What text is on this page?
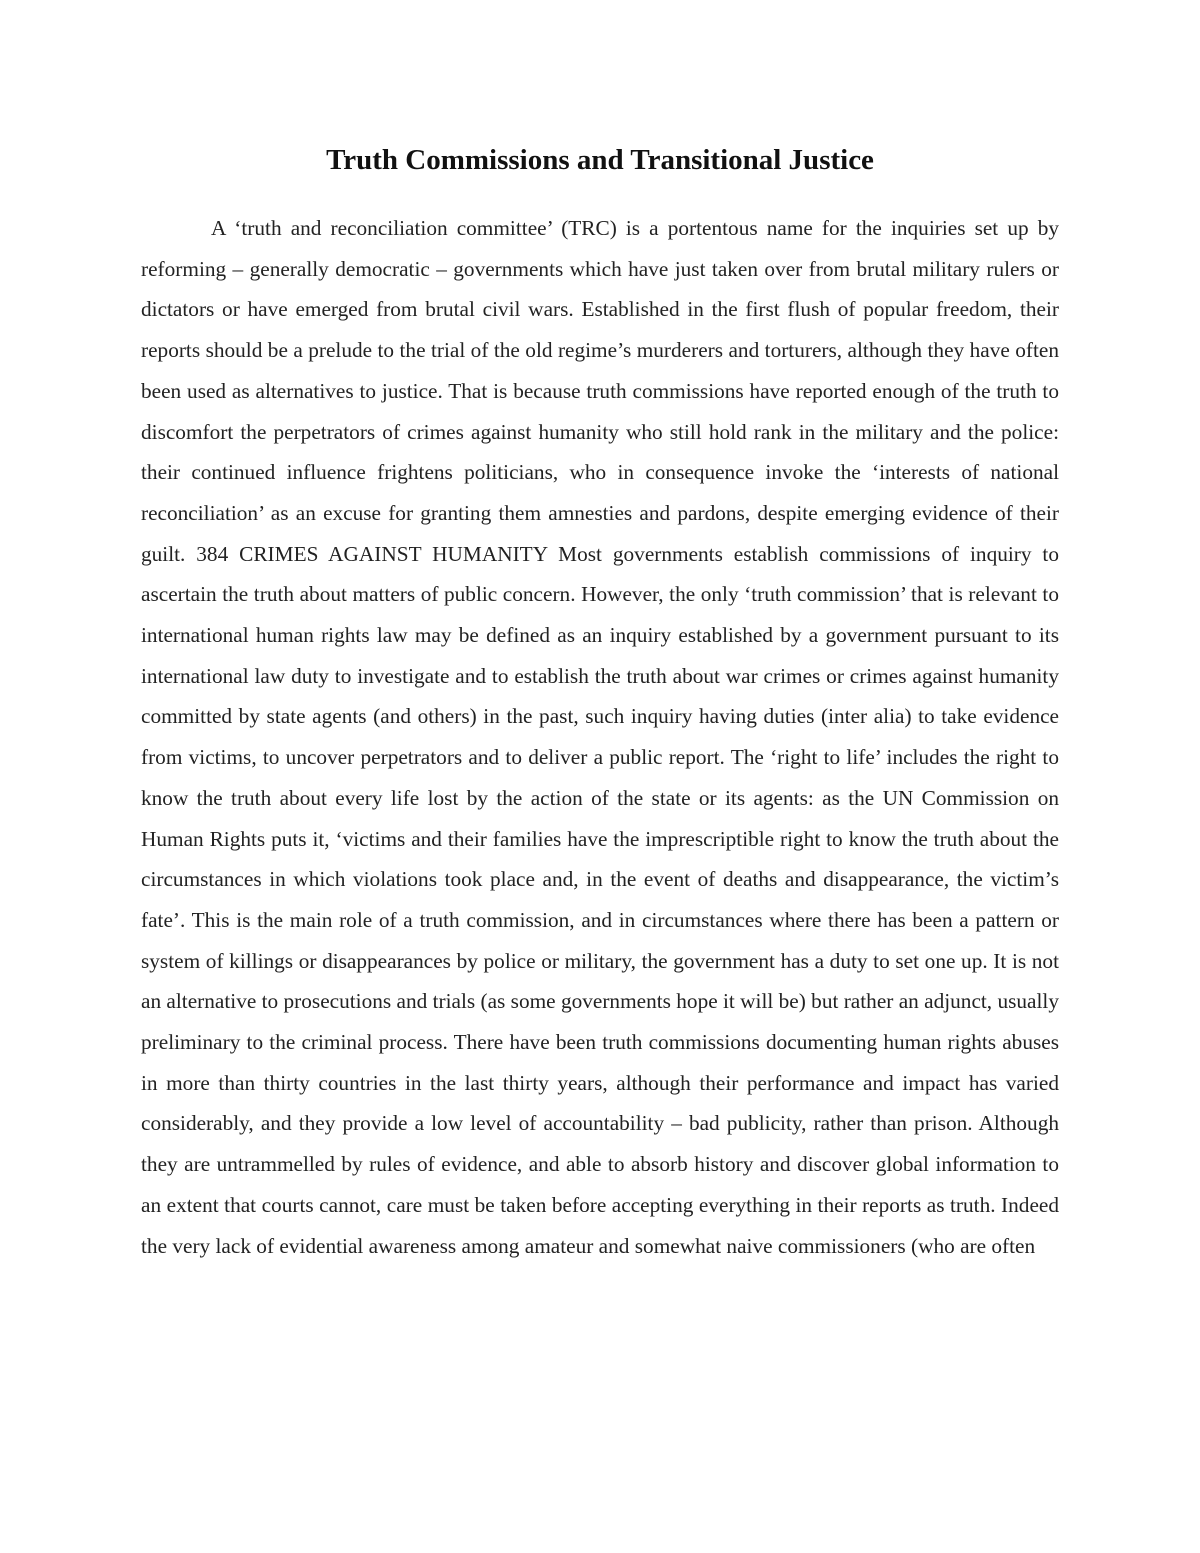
Truth Commissions and Transitional Justice

A ‘truth and reconciliation committee’ (TRC) is a portentous name for the inquiries set up by reforming – generally democratic – governments which have just taken over from brutal military rulers or dictators or have emerged from brutal civil wars. Established in the first flush of popular freedom, their reports should be a prelude to the trial of the old regime’s murderers and torturers, although they have often been used as alternatives to justice. That is because truth commissions have reported enough of the truth to discomfort the perpetrators of crimes against humanity who still hold rank in the military and the police: their continued influence frightens politicians, who in consequence invoke the ‘interests of national reconciliation’ as an excuse for granting them amnesties and pardons, despite emerging evidence of their guilt. 384 CRIMES AGAINST HUMANITY Most governments establish commissions of inquiry to ascertain the truth about matters of public concern. However, the only ‘truth commission’ that is relevant to international human rights law may be defined as an inquiry established by a government pursuant to its international law duty to investigate and to establish the truth about war crimes or crimes against humanity committed by state agents (and others) in the past, such inquiry having duties (inter alia) to take evidence from victims, to uncover perpetrators and to deliver a public report. The ‘right to life’ includes the right to know the truth about every life lost by the action of the state or its agents: as the UN Commission on Human Rights puts it, ‘victims and their families have the imprescriptible right to know the truth about the circumstances in which violations took place and, in the event of deaths and disappearance, the victim’s fate’. This is the main role of a truth commission, and in circumstances where there has been a pattern or system of killings or disappearances by police or military, the government has a duty to set one up. It is not an alternative to prosecutions and trials (as some governments hope it will be) but rather an adjunct, usually preliminary to the criminal process. There have been truth commissions documenting human rights abuses in more than thirty countries in the last thirty years, although their performance and impact has varied considerably, and they provide a low level of accountability – bad publicity, rather than prison. Although they are untrammelled by rules of evidence, and able to absorb history and discover global information to an extent that courts cannot, care must be taken before accepting everything in their reports as truth. Indeed the very lack of evidential awareness among amateur and somewhat naive commissioners (who are often
